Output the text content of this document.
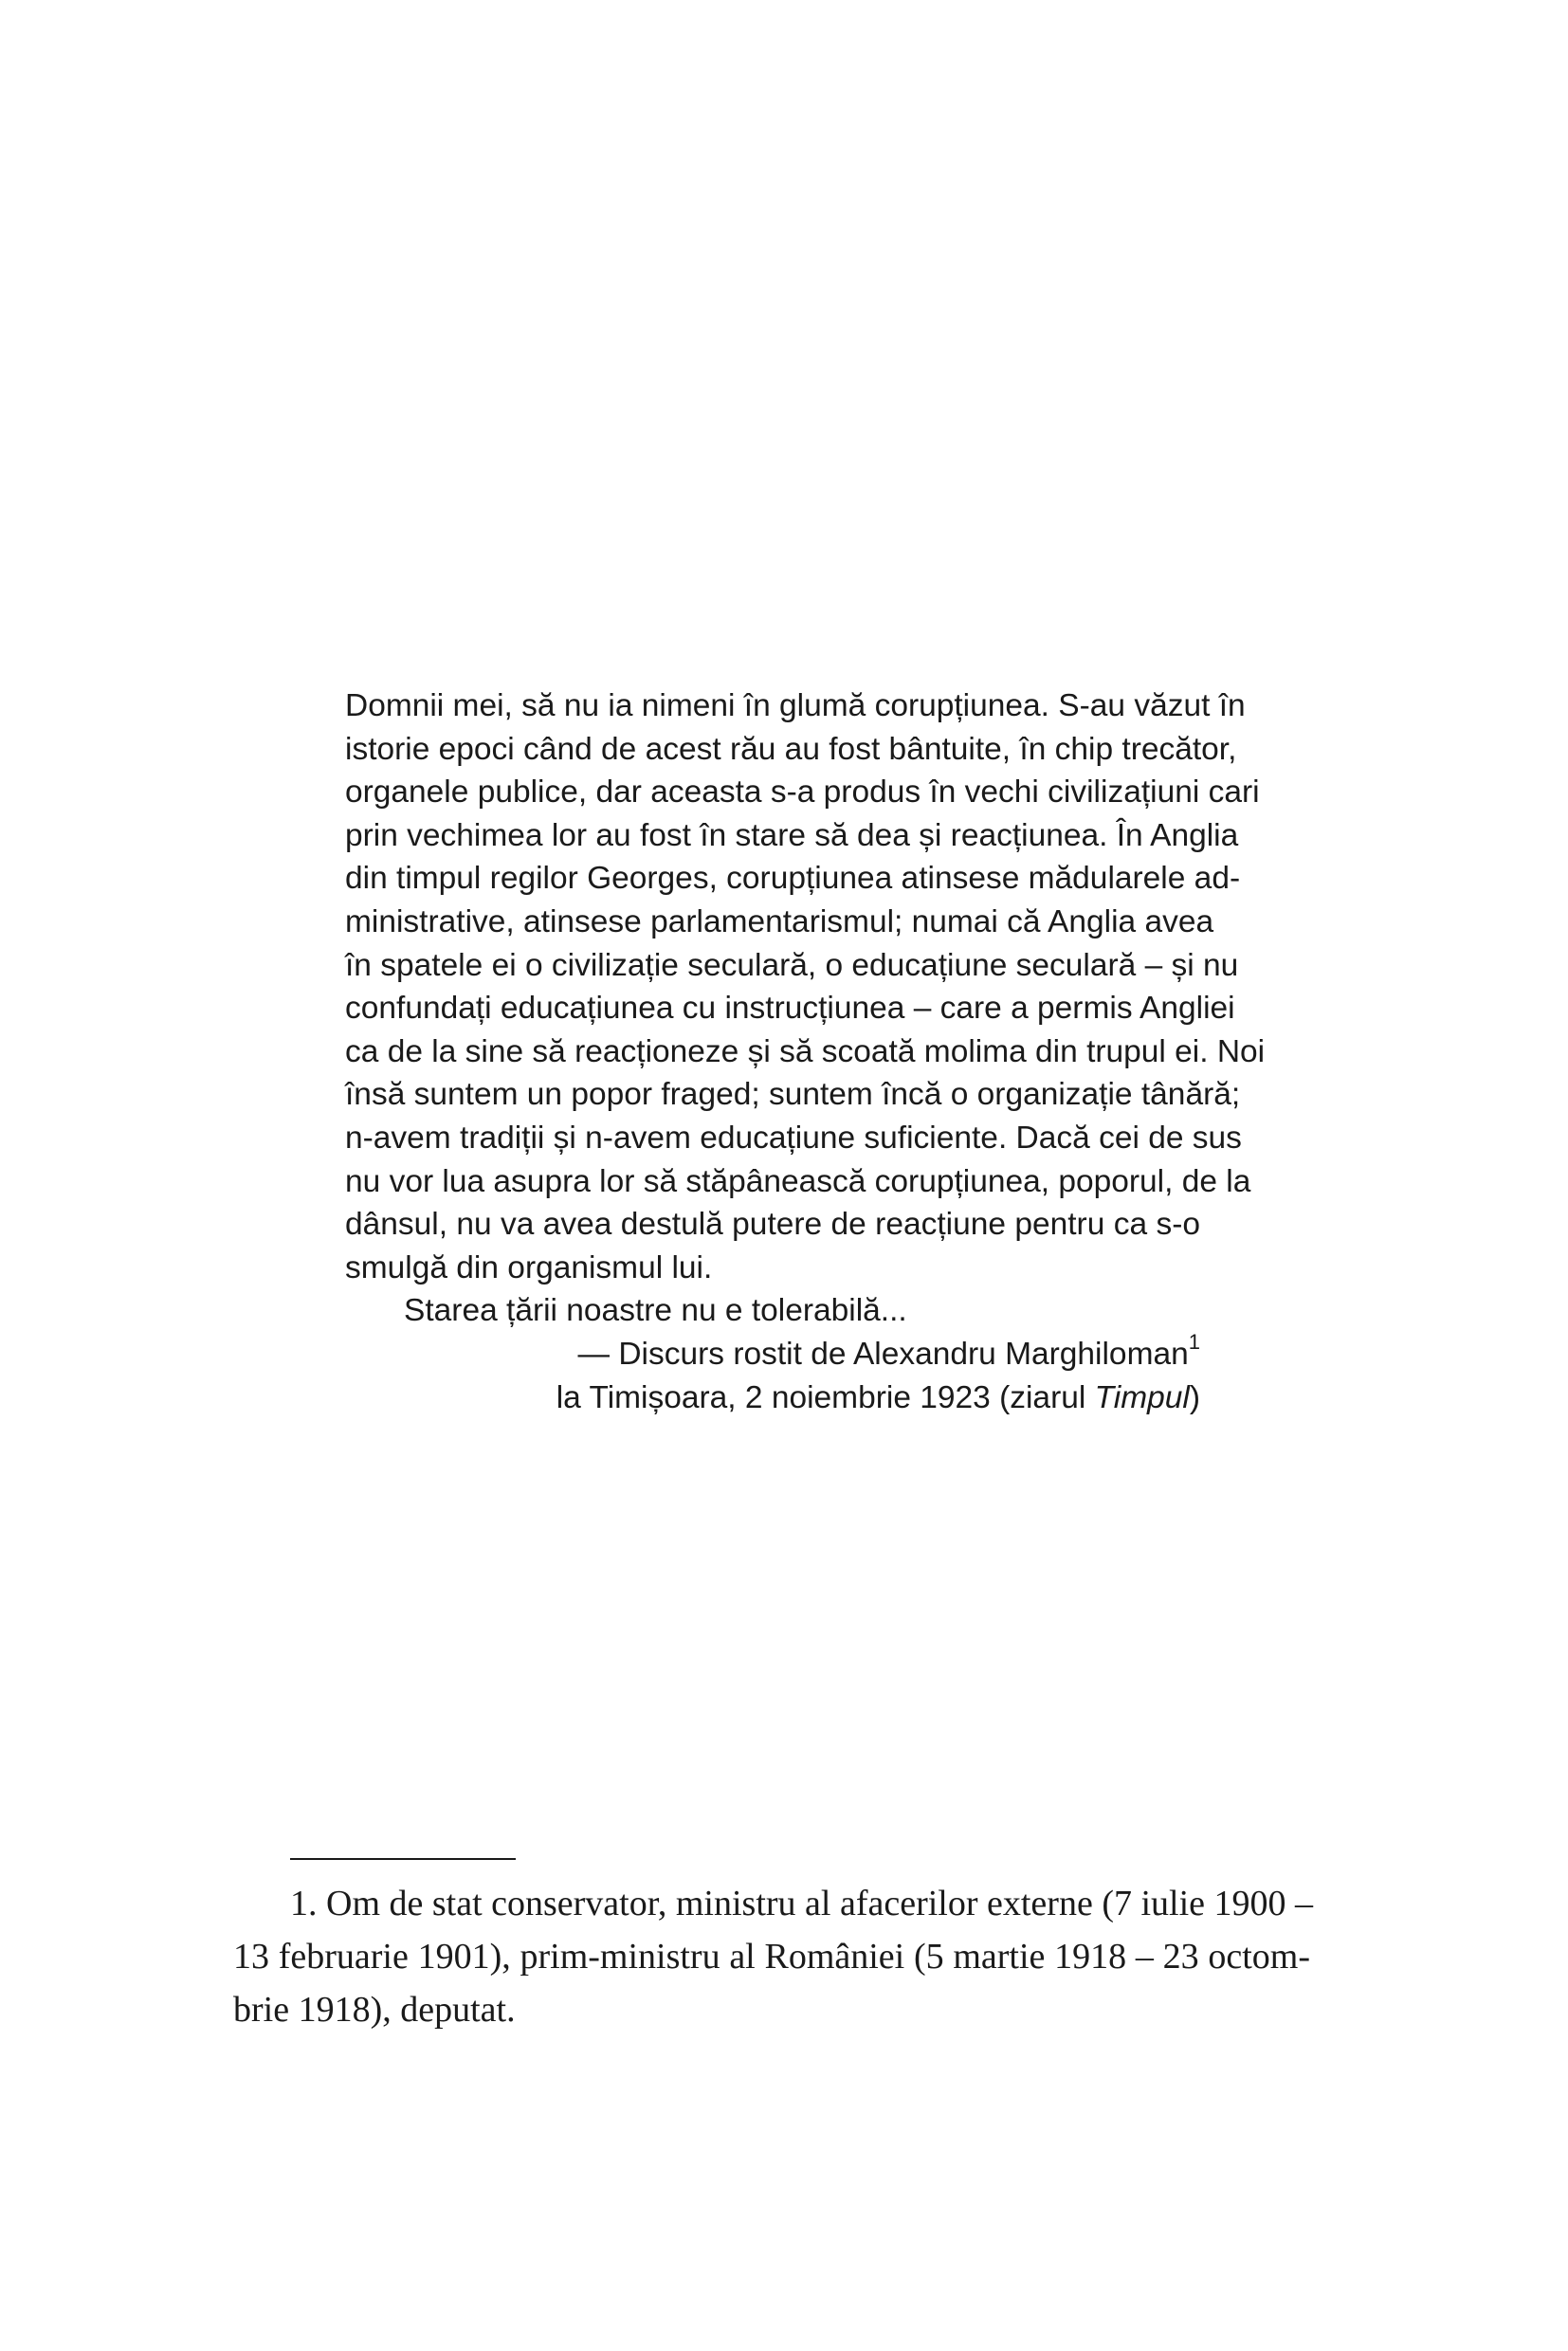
Domnii mei, să nu ia nimeni în glumă corupțiunea. S-au văzut în
istorie epoci când de acest rău au fost bântuite, în chip trecător,
organele publice, dar aceasta s-a produs în vechi civilizațiuni cari
prin vechimea lor au fost în stare să dea și reacțiunea. În Anglia
din timpul regilor Georges, corupțiunea atinsese mădularele ad-
ministrative, atinsese parlamentarismul; numai că Anglia avea
în spatele ei o civilizație seculară, o educațiune seculară – și nu
confundați educațiunea cu instrucțiunea – care a permis Angliei
ca de la sine să reacționeze și să scoată molima din trupul ei. Noi
însă suntem un popor fraged; suntem încă o organizație tânără;
n-avem tradiții și n-avem educațiune suficiente. Dacă cei de sus
nu vor lua asupra lor să stăpânească corupțiunea, poporul, de la
dânsul, nu va avea destulă putere de reacțiune pentru ca s-o
smulgă din organismul lui.
Starea țării noastre nu e tolerabilă...
— Discurs rostit de Alexandru Marghiloman$^1$
la Timișoara, 2 noiembrie 1923 (ziarul Timpul)
1. Om de stat conservator, ministru al afacerilor externe (7 iulie 1900 –
13 februarie 1901), prim-ministru al României (5 martie 1918 – 23 octom-
brie 1918), deputat.
